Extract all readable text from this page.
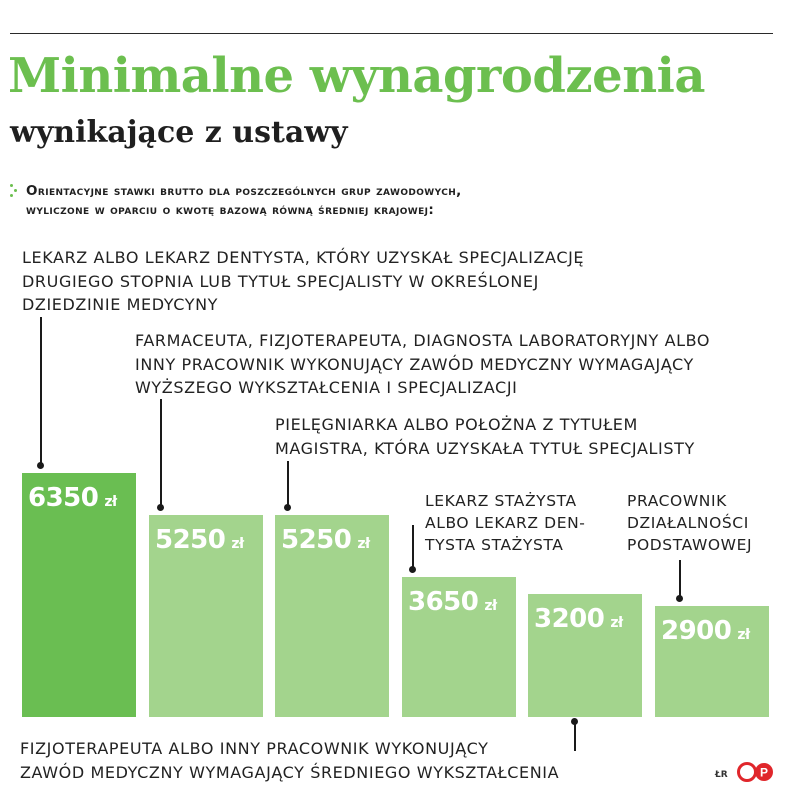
Minimalne wynagrodzenia
wynikające z ustawy
Orientacyjne stawki brutto dla poszczególnych grup zawodowych,
wyliczone w oparciu o kwotę bazową równą średniej krajowej:
ŁR	P
6350 zł
LEKARZ ALBO LEKARZ DENTYSTA, KTÓRY UZYSKAŁ SPECJALIZACJĘ
DRUGIEGO STOPNIA LUB TYTUŁ SPECJALISTY W OKREŚLONEJ
DZIEDZINIE MEDYCYNY
5250 zł
FARMACEUTA, FIZJOTERAPEUTA, DIAGNOSTA LABORATORYJNY ALBO
INNY PRACOWNIK WYKONUJĄCY ZAWÓD MEDYCZNY WYMAGAJĄCY
WYŻSZEGO WYKSZTAŁCENIA I SPECJALIZACJI
5250 zł
PIELĘGNIARKA ALBO POŁOŻNA Z TYTUŁEM
MAGISTRA, KTÓRA UZYSKAŁA TYTUŁ SPECJALISTY
3650 zł
LEKARZ STAŻYSTA
ALBO LEKARZ DEN-
TYSTA STAŻYSTA
3200 zł
FIZJOTERAPEUTA ALBO INNY PRACOWNIK WYKONUJĄCY
ZAWÓD MEDYCZNY WYMAGAJĄCY ŚREDNIEGO WYKSZTAŁCENIA
2900 zł
PRACOWNIK
DZIAŁALNOŚCI
PODSTAWOWEJ
